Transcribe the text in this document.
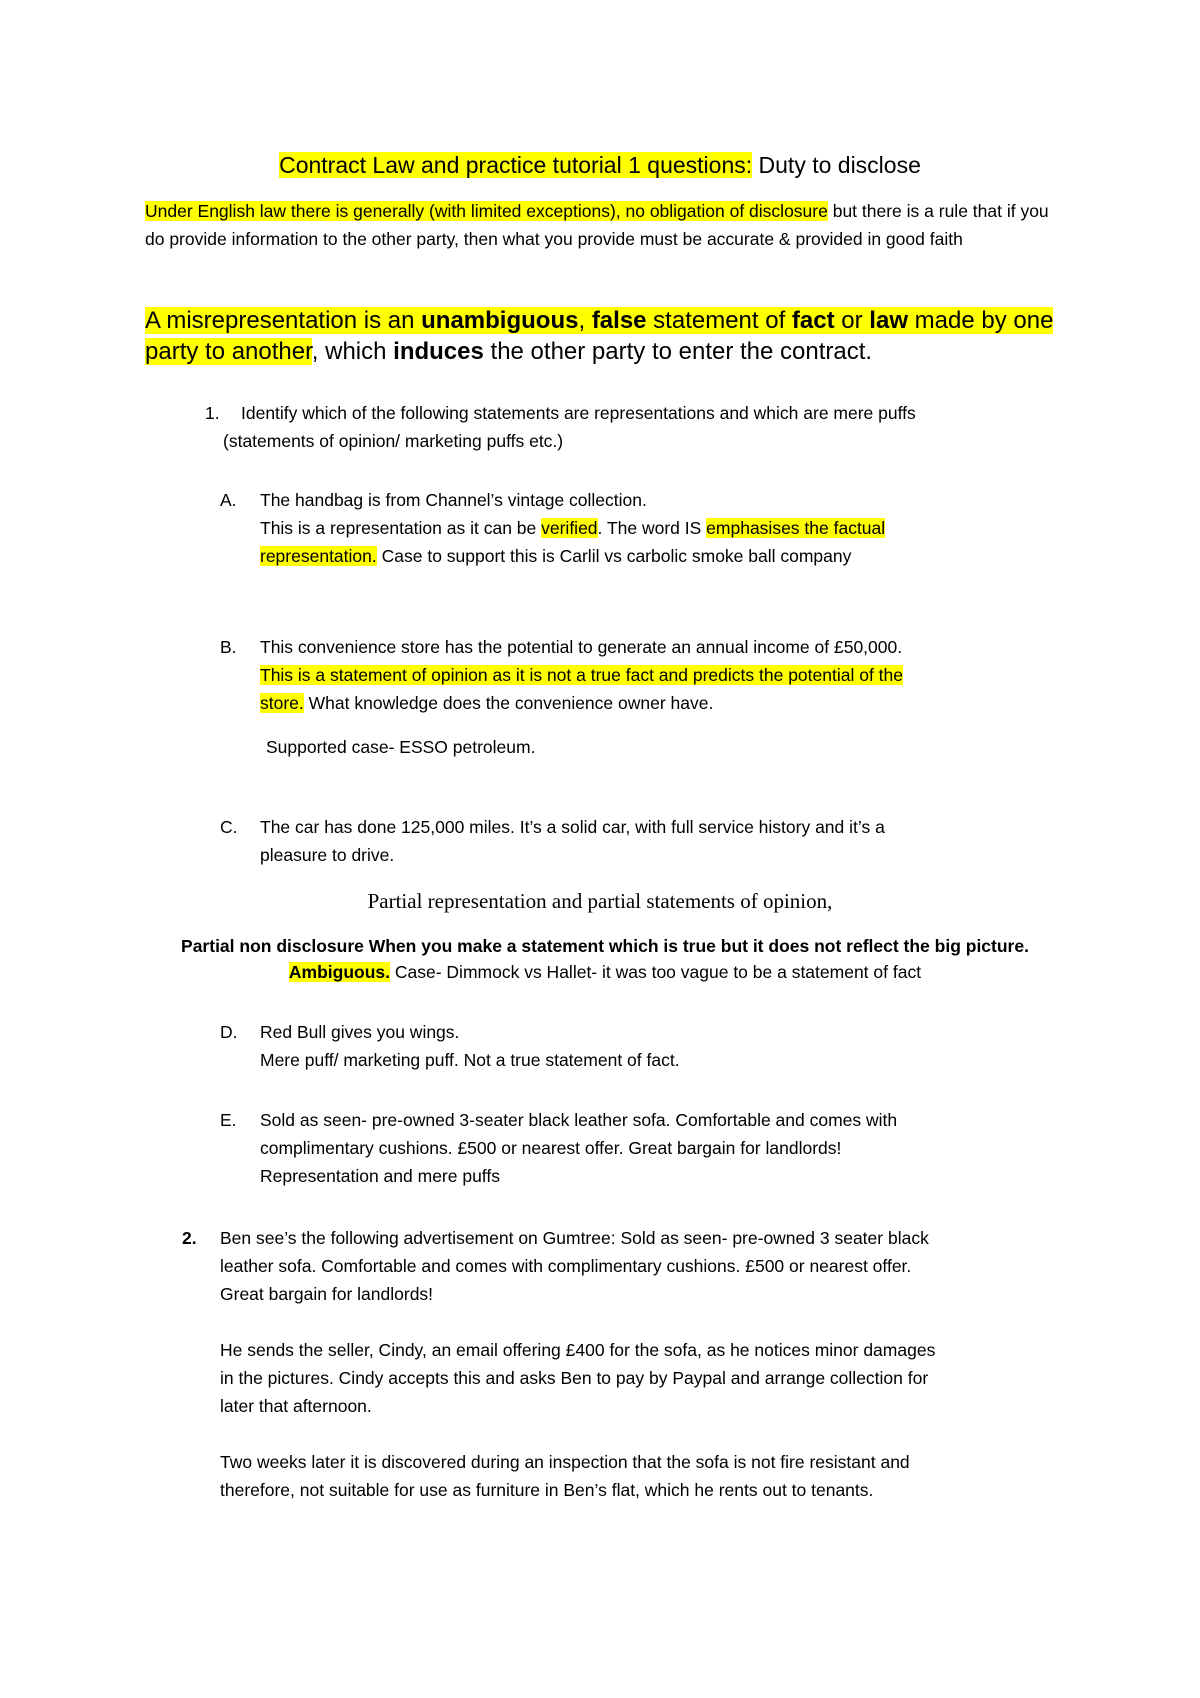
Contract Law and practice tutorial 1 questions: Duty to disclose
Under English law there is generally (with limited exceptions), no obligation of disclosure but there is a rule that if you do provide information to the other party, then what you provide must be accurate & provided in good faith
A misrepresentation is an unambiguous, false statement of fact or law made by one party to another, which induces the other party to enter the contract.
1.	Identify which of the following statements are representations and which are mere puffs
(statements of opinion/ marketing puffs etc.)
A. The handbag is from Channel’s vintage collection.
This is a representation as it can be verified. The word IS emphasises the factual
representation. Case to support this is Carlil vs carbolic smoke ball company
B. This convenience store has the potential to generate an annual income of £50,000.
This is a statement of opinion as it is not a true fact and predicts the potential of the
store. What knowledge does the convenience owner have.
Supported case- ESSO petroleum.
C. The car has done 125,000 miles. It’s a solid car, with full service history and it’s a
pleasure to drive.
Partial representation and partial statements of opinion,
Partial non disclosure When you make a statement which is true but it does not reflect the big picture. Ambiguous. Case- Dimmock vs Hallet- it was too vague to be a statement of fact
D. Red Bull gives you wings.
Mere puff/ marketing puff. Not a true statement of fact.
E. Sold as seen- pre-owned 3-seater black leather sofa. Comfortable and comes with
complimentary cushions. £500 or nearest offer. Great bargain for landlords!
Representation and mere puffs
2. Ben see’s the following advertisement on Gumtree: Sold as seen- pre-owned 3 seater black
leather sofa. Comfortable and comes with complimentary cushions. £500 or nearest offer.
Great bargain for landlords!
He sends the seller, Cindy, an email offering £400 for the sofa, as he notices minor damages
in the pictures. Cindy accepts this and asks Ben to pay by Paypal and arrange collection for
later that afternoon.
Two weeks later it is discovered during an inspection that the sofa is not fire resistant and
therefore, not suitable for use as furniture in Ben’s flat, which he rents out to tenants.
